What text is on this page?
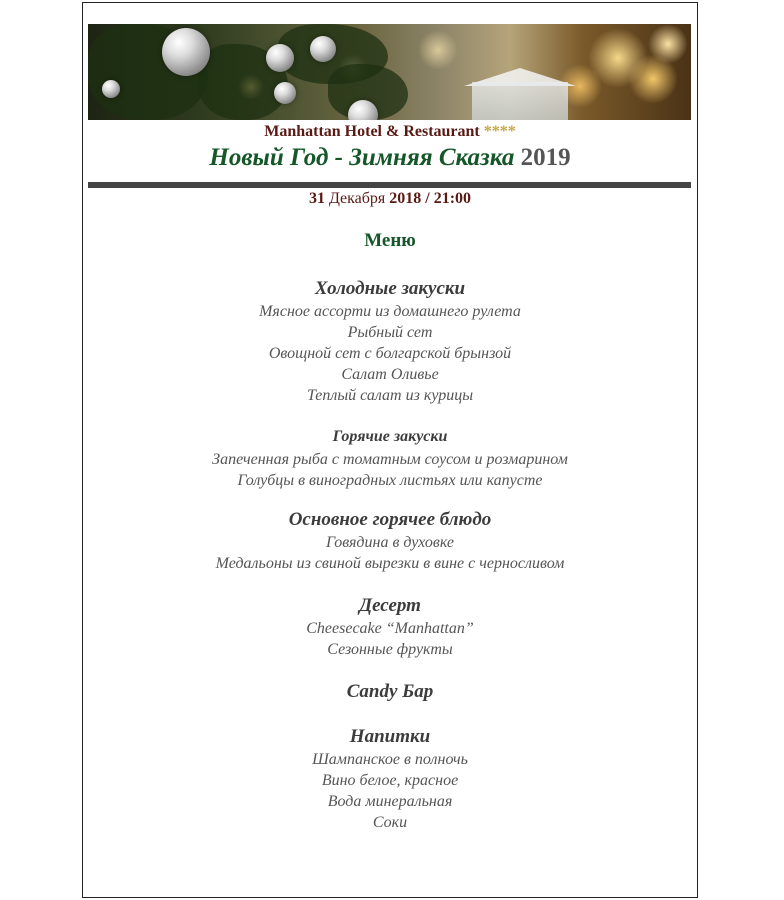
Manhattan Hotel & Restaurant ****
Новый Год - Зимняя Сказка 2019
31 Декабря 2018 / 21:00
Меню
Холодные закуски
Мясное ассорти из домашнего рулета
Рыбный сет
Овощной сет с болгарской брынзой
Салат Оливье
Теплый салат из курицы
Горячие закуски
Запеченная рыба с томатным соусом и розмарином
Голубцы в виноградных листьях или капусте
Основное горячее блюдо
Говядина в духовке
Медальоны из свиной вырезки в вине с черносливом
Десерт
Cheesecake “Manhattan”
Сезонные фрукты
Candy Бар
Напитки
Шампанское в полночь
Вино белое, красное
Вода минеральная
Соки
